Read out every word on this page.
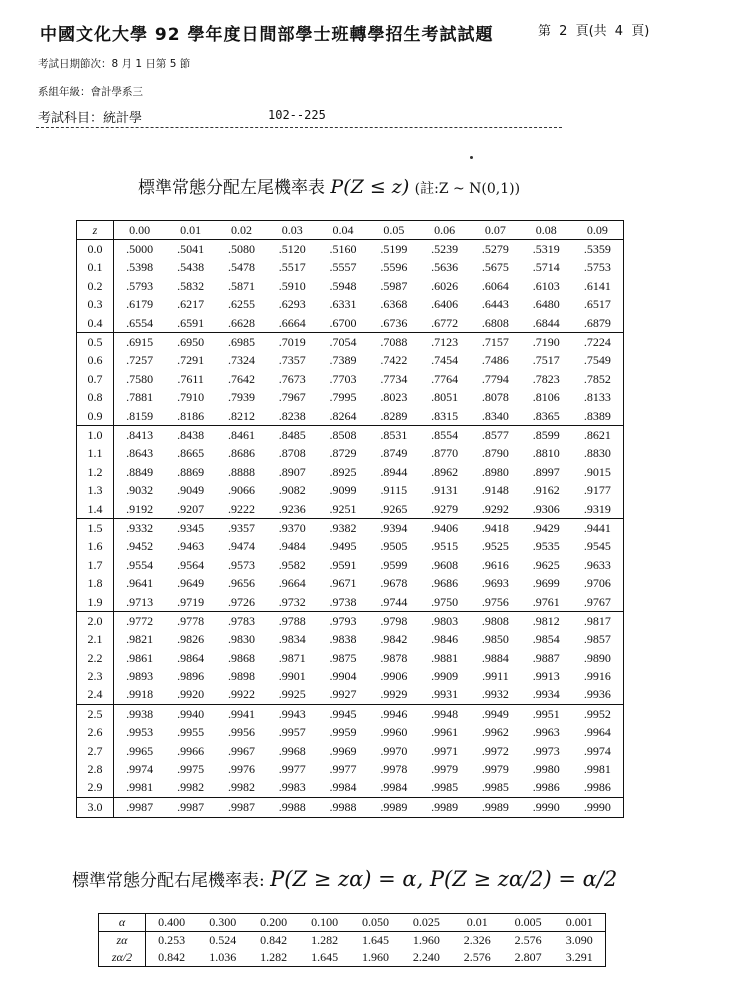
中國文化大學 92 學年度日間部學士班轉學招生考試試題	第 2 頁(共 4 頁)
考試日期節次：8 月 1 日第 5 節
系組年級：會計學系三
考試科目：統計學	102--225
標準常態分配左尾機率表 P(Z ≤ z) (註:Z ~ N(0,1))
z	0.00	0.01	0.02	0.03	0.04	0.05	0.06	0.07	0.08	0.09
0.0	.5000	.5041	.5080	.5120	.5160	.5199	.5239	.5279	.5319	.5359
0.1	.5398	.5438	.5478	.5517	.5557	.5596	.5636	.5675	.5714	.5753
0.2	.5793	.5832	.5871	.5910	.5948	.5987	.6026	.6064	.6103	.6141
0.3	.6179	.6217	.6255	.6293	.6331	.6368	.6406	.6443	.6480	.6517
0.4	.6554	.6591	.6628	.6664	.6700	.6736	.6772	.6808	.6844	.6879
0.5	.6915	.6950	.6985	.7019	.7054	.7088	.7123	.7157	.7190	.7224
0.6	.7257	.7291	.7324	.7357	.7389	.7422	.7454	.7486	.7517	.7549
0.7	.7580	.7611	.7642	.7673	.7703	.7734	.7764	.7794	.7823	.7852
0.8	.7881	.7910	.7939	.7967	.7995	.8023	.8051	.8078	.8106	.8133
0.9	.8159	.8186	.8212	.8238	.8264	.8289	.8315	.8340	.8365	.8389
1.0	.8413	.8438	.8461	.8485	.8508	.8531	.8554	.8577	.8599	.8621
1.1	.8643	.8665	.8686	.8708	.8729	.8749	.8770	.8790	.8810	.8830
1.2	.8849	.8869	.8888	.8907	.8925	.8944	.8962	.8980	.8997	.9015
1.3	.9032	.9049	.9066	.9082	.9099	.9115	.9131	.9148	.9162	.9177
1.4	.9192	.9207	.9222	.9236	.9251	.9265	.9279	.9292	.9306	.9319
1.5	.9332	.9345	.9357	.9370	.9382	.9394	.9406	.9418	.9429	.9441
1.6	.9452	.9463	.9474	.9484	.9495	.9505	.9515	.9525	.9535	.9545
1.7	.9554	.9564	.9573	.9582	.9591	.9599	.9608	.9616	.9625	.9633
1.8	.9641	.9649	.9656	.9664	.9671	.9678	.9686	.9693	.9699	.9706
1.9	.9713	.9719	.9726	.9732	.9738	.9744	.9750	.9756	.9761	.9767
2.0	.9772	.9778	.9783	.9788	.9793	.9798	.9803	.9808	.9812	.9817
2.1	.9821	.9826	.9830	.9834	.9838	.9842	.9846	.9850	.9854	.9857
2.2	.9861	.9864	.9868	.9871	.9875	.9878	.9881	.9884	.9887	.9890
2.3	.9893	.9896	.9898	.9901	.9904	.9906	.9909	.9911	.9913	.9916
2.4	.9918	.9920	.9922	.9925	.9927	.9929	.9931	.9932	.9934	.9936
2.5	.9938	.9940	.9941	.9943	.9945	.9946	.9948	.9949	.9951	.9952
2.6	.9953	.9955	.9956	.9957	.9959	.9960	.9961	.9962	.9963	.9964
2.7	.9965	.9966	.9967	.9968	.9969	.9970	.9971	.9972	.9973	.9974
2.8	.9974	.9975	.9976	.9977	.9977	.9978	.9979	.9979	.9980	.9981
2.9	.9981	.9982	.9982	.9983	.9984	.9984	.9985	.9985	.9986	.9986
3.0	.9987	.9987	.9987	.9988	.9988	.9989	.9989	.9989	.9990	.9990
標準常態分配右尾機率表: P(Z ≥ zα) = α, P(Z ≥ zα/2) = α/2
α	0.400	0.300	0.200	0.100	0.050	0.025	0.01	0.005	0.001
zα	0.253	0.524	0.842	1.282	1.645	1.960	2.326	2.576	3.090
zα/2	0.842	1.036	1.282	1.645	1.960	2.240	2.576	2.807	3.291
